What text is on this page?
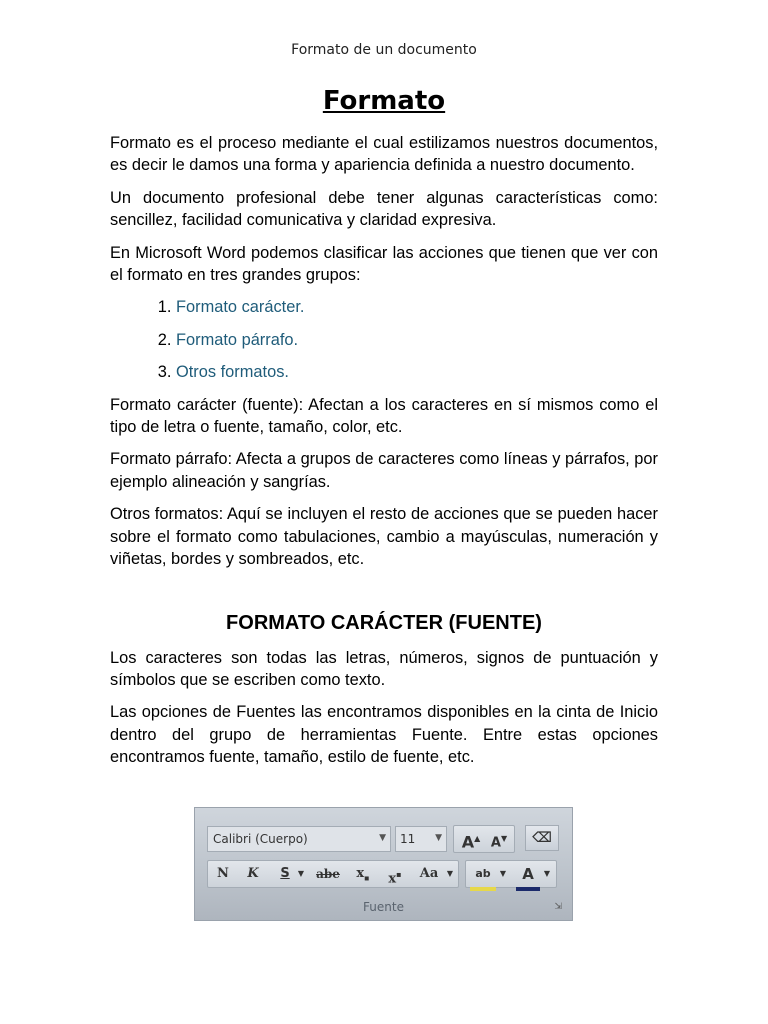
Formato de un documento
Formato

Formato es el proceso mediante el cual estilizamos nuestros documentos, es decir le damos una forma y apariencia definida a nuestro documento.

Un documento profesional debe tener algunas características como: sencillez, facilidad comunicativa y claridad expresiva.

En Microsoft Word podemos clasificar las acciones que tienen que ver con el formato en tres grandes grupos:

1. Formato carácter.
2. Formato párrafo.
3. Otros formatos.

Formato carácter (fuente): Afectan a los caracteres en sí mismos como el tipo de letra o fuente, tamaño, color, etc.

Formato párrafo: Afecta a grupos de caracteres como líneas y párrafos, por ejemplo alineación y sangrías.

Otros formatos: Aquí se incluyen el resto de acciones que se pueden hacer sobre el formato como tabulaciones, cambio a mayúsculas, numeración y viñetas, bordes y sombreados, etc.

FORMATO CARÁCTER (FUENTE)

Los caracteres son todas las letras, números, signos de puntuación y símbolos que se escriben como texto.

Las opciones de Fuentes las encontramos disponibles en la cinta de Inicio dentro del grupo de herramientas Fuente. Entre estas opciones encontramos fuente, tamaño, estilo de fuente, etc.

Calibri (Cuerpo)	▼	11 ▼ A▲ A▼	⌫
N	K	S	▼	abe	$x_▪$	x▪	Aa	▼	ab	▼	A	▼
Fuente	⇲
